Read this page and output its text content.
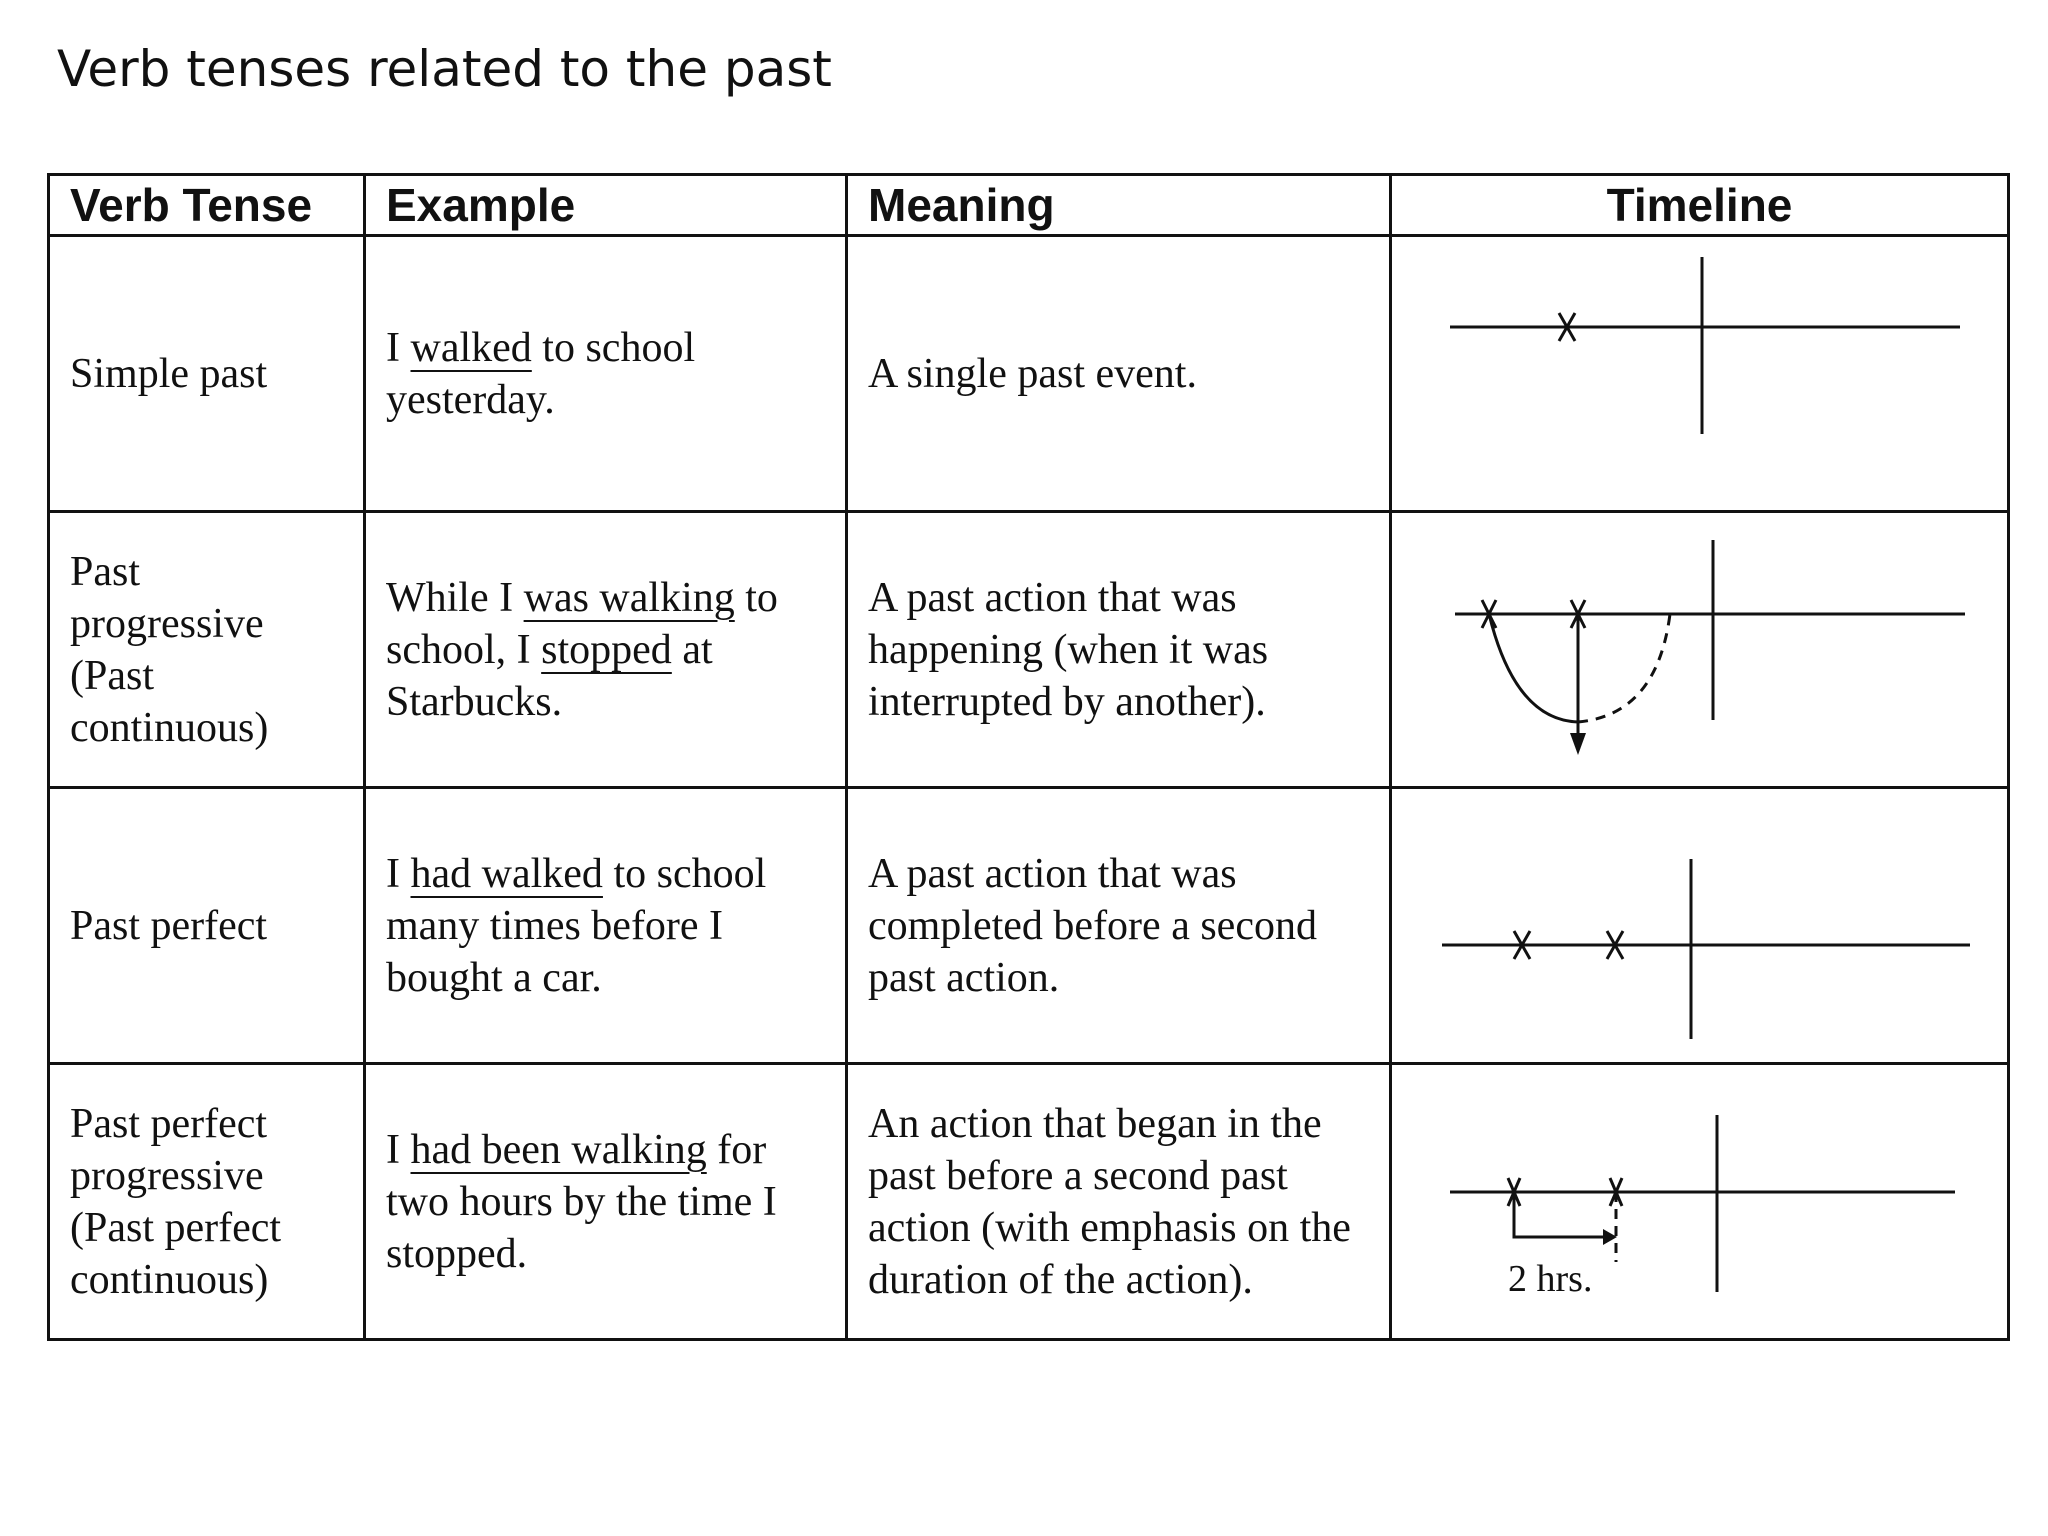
Verb tenses related to the past
Verb Tense	Example	Meaning	Timeline

Simple past	I walked to school yesterday.	A single past event.	

Past
progressive
(Past
continuous)	While I was walking to school, I stopped at Starbucks.	A past action that was happening (when it was interrupted by another).	

Past perfect	I had walked to school many times before I bought a car.	A past action that was completed before a second past action.	

Past perfect
progressive
(Past perfect
continuous)	I had been walking for two hours by the time I stopped.	An action that began in the past before a second past action (with emphasis on the duration of the action).	2 hrs.
